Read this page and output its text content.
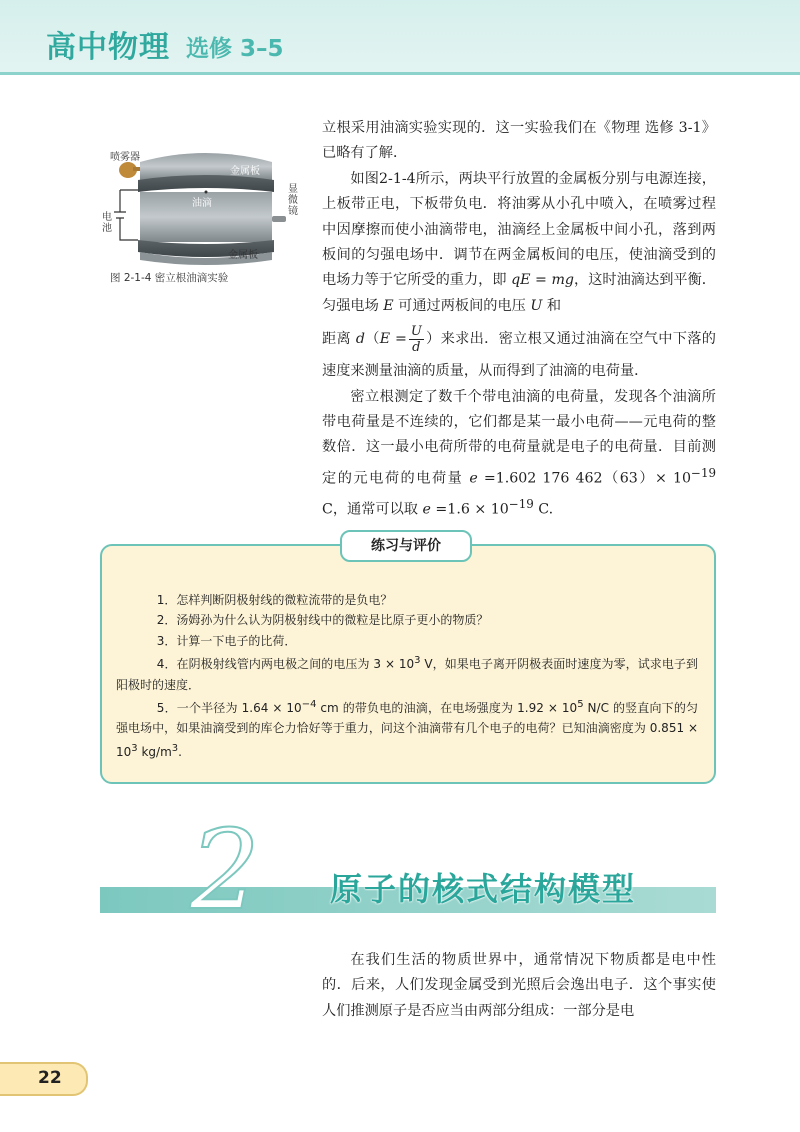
高中物理 选修 3–5
喷雾器
金属板
油滴
显微镜
电池
金属板
图 2-1-4 密立根油滴实验

立根采用油滴实验实现的．这一实验我们在《物理 选修 3-1》已略有了解．

如图2-1-4所示，两块平行放置的金属板分别与电源连接，上板带正电，下板带负电．将油雾从小孔中喷入，在喷雾过程中因摩擦而使小油滴带电，油滴经上金属板中间小孔，落到两板间的匀强电场中．调节在两金属板间的电压，使油滴受到的电场力等于它所受的重力，即 qE = mg，这时油滴达到平衡．匀强电场 E 可通过两板间的电压 U 和

距离 $d(E = \frac{U}{d}$ ）来求出．密立根又通过油滴在空气中下落的速度来测量油滴的质量，从而得到了油滴的电荷量．

密立根测定了数千个带电油滴的电荷量，发现各个油滴所带电荷量是不连续的，它们都是某一最小电荷——元电荷的整数倍．这一最小电荷所带的电荷量就是电子的电荷量．目前测定的元电荷的电荷量 e =1.602 176 $462(63)\times 10^{-19}$ C，通常可以取 $e =1.6 \times 10^{-19}$ C.

练习与评价

1．怎样判断阴极射线的微粒流带的是负电？

2．汤姆孙为什么认为阴极射线中的微粒是比原子更小的物质？

3．计算一下电子的比荷．

4．在阴极射线管内两电极之间的电压为 $3 \times 10^3$ V，如果电子离开阴极表面时速度为零，试求电子到阳极时的速度．

5．一个半径为 $1.64 \times 10^{-4}$ cm 的带负电的油滴，在电场强度为 $1.92 \times 10^5$ N/C 的竖直向下的匀强电场中，如果油滴受到的库仑力恰好等于重力，问这个油滴带有几个电子的电荷？已知油滴密度为 $0.851 \times 10^3$ $kg/m^3$.

2 原子的核式结构模型

在我们生活的物质世界中，通常情况下物质都是电中性的．后来，人们发现金属受到光照后会逸出电子．这个事实使人们推测原子是否应当由两部分组成：一部分是电

22
